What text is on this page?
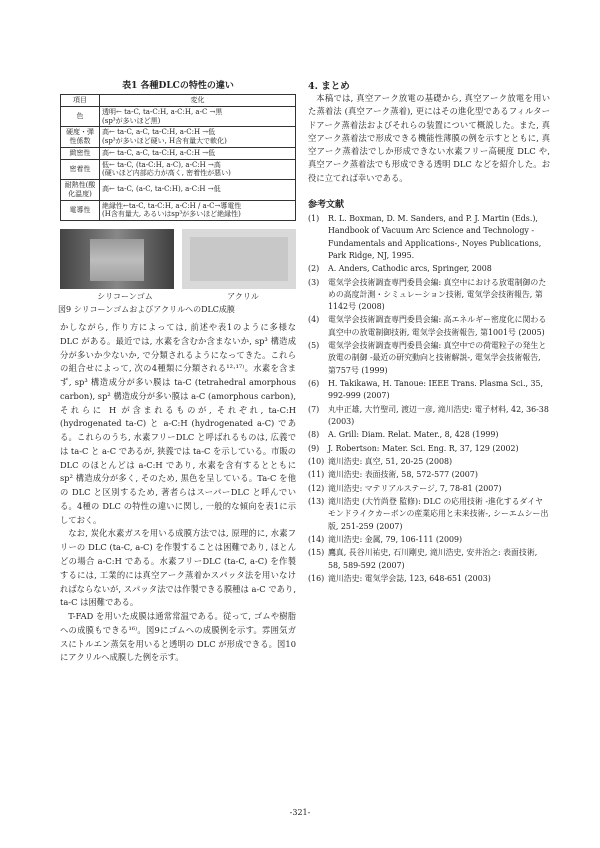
表1 各種DLCの特性の違い
項目	変化
色	透明← ta-C, ta-C:H, a-C:H, a-C →黒
(sp³が多いほど黒)

硬度・弾性係数	高← ta-C, a-C, ta-C:H, a-C:H →低
(sp³が多いほど硬い, H含有量大で軟化)

緻密性	高← ta-C, a-C, ta-C:H, a-C:H →低

密着性	低← ta-C, (ta-C:H, a-C), a-C:H →高
(硬いほど内部応力が高く, 密着性が悪い)

耐熱性(酸化温度)	高← ta-C, (a-C, ta-C:H), a-C:H →低

電導性	絶縁性←ta-C, ta-C:H, a-C:H / a-C→導電性
(H含有量大, あるいはsp³が多いほど絶縁性)
シリコーンゴム	アクリル
図9 シリコーンゴムおよびアクリルへのDLC成膜

かしながら, 作り方によっては, 前述や表1のように多様な DLC がある。最近では, 水素を含むか含まないか, sp³ 構造成分が多いか少ないか, で分類されるようになってきた。これらの組合せによって, 次の4種類に分類される¹²·¹⁷⁾。水素を含まず, sp³ 構造成分が多い膜は ta-C (tetrahedral amorphous carbon), sp² 構造成分が多い膜は a-C (amorphous carbon), それらに H が含まれるものが, それぞれ, ta-C:H (hydrogenated ta-C) と a-C:H (hydrogenated a-C) である。これらのうち, 水素フリーDLC と呼ばれるものは, 広義では ta-C と a-C であるが, 狭義では ta-C を示している。市販の DLC のほとんどは a-C:H であり, 水素を含有するとともに sp² 構造成分が多く, そのため, 黒色を呈している。Ta-C を他の DLC と区別するため, 著者らはスーパーDLC と呼んでいる。4種の DLC の特性の違いに関し, 一般的な傾向を表1に示しておく。

なお, 炭化水素ガスを用いる成膜方法では, 原理的に, 水素フリーの DLC (ta-C, a-C) を作製することは困難であり, ほとんどの場合 a-C:H である。水素フリーDLC (ta-C, a-C) を作製するには, 工業的には真空アーク蒸着かスパッタ法を用いなければならないが, スパッタ法では作製できる膜種は a-C であり, ta-C は困難である。

T-FAD を用いた成膜は通常常温である。従って, ゴムや樹脂への成膜もできる¹⁶⁾。図9にゴムへの成膜例を示す。雰囲気ガスにトルエン蒸気を用いると透明の DLC が形成できる。図10にアクリルへ成膜した例を示す。

4. まとめ

本稿では, 真空アーク放電の基礎から, 真空アーク放電を用いた蒸着法 (真空アーク蒸着), 更にはその進化型であるフィルタードアーク蒸着法およびそれらの装置について概説した。また, 真空アーク蒸着法で形成できる機能性薄膜の例を示すとともに, 真空アーク蒸着法でしか形成できない水素フリー高硬度 DLC や, 真空アーク蒸着法でも形成できる透明 DLC などを紹介した。お役に立てれば幸いである。

参考文献
(1)	R. L. Boxman, D. M. Sanders, and P. J. Martin (Eds.), Handbook of Vacuum Arc Science and Technology -Fundamentals and Applications-, Noyes Publications, Park Ridge, NJ, 1995.
(2)	A. Anders, Cathodic arcs, Springer, 2008
(3)	電気学会技術調査専門委員会編: 真空中における放電制御のための高度計測・シミュレーション技術, 電気学会技術報告, 第1142号 (2008)
(4)	電気学会技術調査専門委員会編: 高エネルギー密度化に関わる真空中の放電制御技術, 電気学会技術報告, 第1001号 (2005)
(5)	電気学会技術調査専門委員会編: 真空中での荷電粒子の発生と放電の制御 -最近の研究動向と技術解説-, 電気学会技術報告, 第757号 (1999)
(6)	H. Takikawa, H. Tanoue: IEEE Trans. Plasma Sci., 35, 992-999 (2007)
(7)	丸中正雄, 大竹聖司, 渡辺一彦, 滝川浩史: 電子材料, 42, 36-38 (2003)
(8)	A. Grill: Diam. Relat. Mater., 8, 428 (1999)
(9)	J. Robertson: Mater. Sci. Eng. R, 37, 129 (2002)
(10) 滝川浩史: 真空, 51, 20-25 (2008)
(11) 滝川浩史: 表面技術, 58, 572-577 (2007)
(12) 滝川浩史: マテリアルステージ, 7, 78-81 (2007)
(13) 滝川浩史 (大竹尚登 監修): DLC の応用技術 -進化するダイヤモンドライクカーボンの産業応用と未来技術-, シーエムシー出版, 251-259 (2007)
(14) 滝川浩史: 金属, 79, 106-111 (2009)
(15) 鷹真, 長谷川祐史, 石川剛史, 滝川浩史, 安井治之: 表面技術, 58, 589-592 (2007)
(16) 滝川浩史: 電気学会誌, 123, 648-651 (2003)
-321-
